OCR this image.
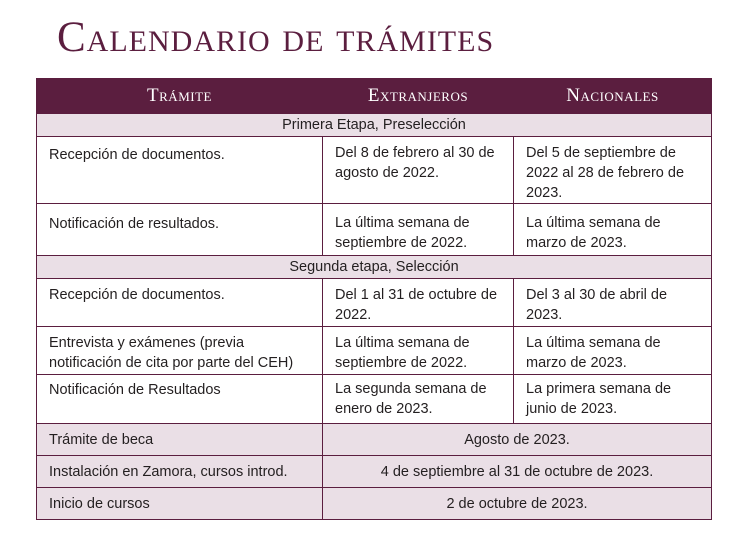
Calendario de trámites
Trámite	Extranjeros	Nacionales
Primera Etapa, Preselección		
Recepción de documentos.	Del 8 de febrero al 30 de agosto de 2022.	Del 5 de septiembre de 2022 al 28 de febrero de 2023.
Notificación de resultados.	La última semana de septiembre de 2022.	La última semana de marzo de 2023.
Segunda etapa, Selección		
Recepción de documentos.	Del 1 al 31 de octubre de 2022.	Del 3 al 30 de abril de 2023.
Entrevista y exámenes (previa notificación de cita por parte del CEH)	La última semana de septiembre de 2022.	La última semana de marzo de 2023.
Notificación de Resultados	La segunda semana de enero de 2023.	La primera semana de junio de 2023.
Trámite de beca	Agosto de 2023.	
Instalación en Zamora, cursos introd.	4 de septiembre al 31 de octubre de 2023.	
Inicio de cursos	2 de octubre de 2023.	
